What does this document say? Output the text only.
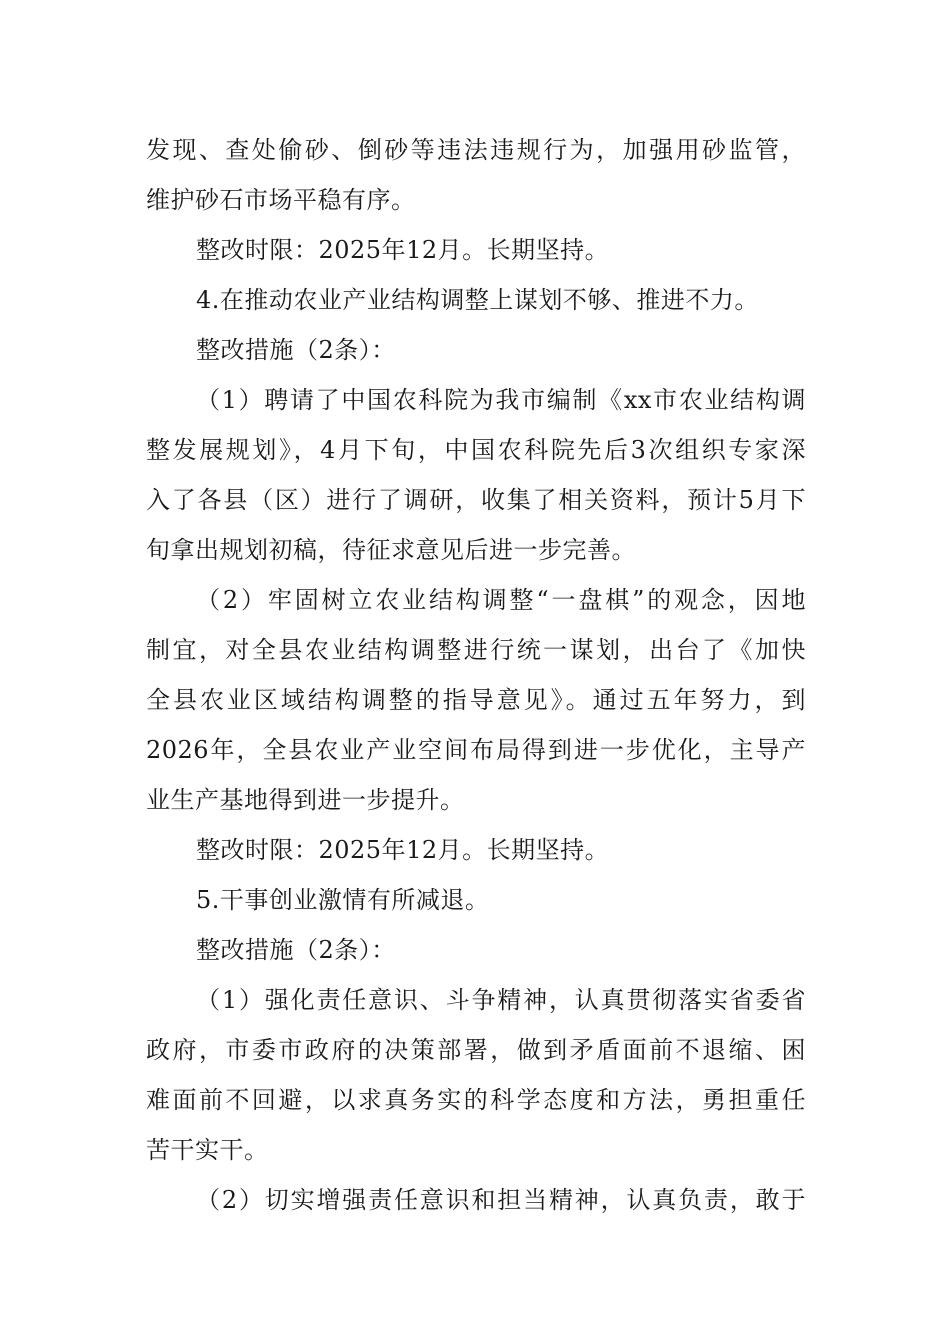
发现、查处偷砂、倒砂等违法违规行为，加强用砂监管，
维护砂石市场平稳有序。
整改时限：2025年12月。长期坚持。
4.在推动农业产业结构调整上谋划不够、推进不力。
整改措施（2条）：
（1）聘请了中国农科院为我市编制《xx市农业结构调
整发展规划》，4月下旬，中国农科院先后3次组织专家深
入了各县（区）进行了调研，收集了相关资料，预计5月下
旬拿出规划初稿，待征求意见后进一步完善。
（2）牢固树立农业结构调整“一盘棋”的观念，因地
制宜，对全县农业结构调整进行统一谋划，出台了《加快
全县农业区域结构调整的指导意见》。通过五年努力，到
2026年，全县农业产业空间布局得到进一步优化，主导产
业生产基地得到进一步提升。
整改时限：2025年12月。长期坚持。
5.干事创业激情有所减退。
整改措施（2条）：
（1）强化责任意识、斗争精神，认真贯彻落实省委省
政府，市委市政府的决策部署，做到矛盾面前不退缩、困
难面前不回避，以求真务实的科学态度和方法，勇担重任
苦干实干。
（2）切实增强责任意识和担当精神，认真负责，敢于
